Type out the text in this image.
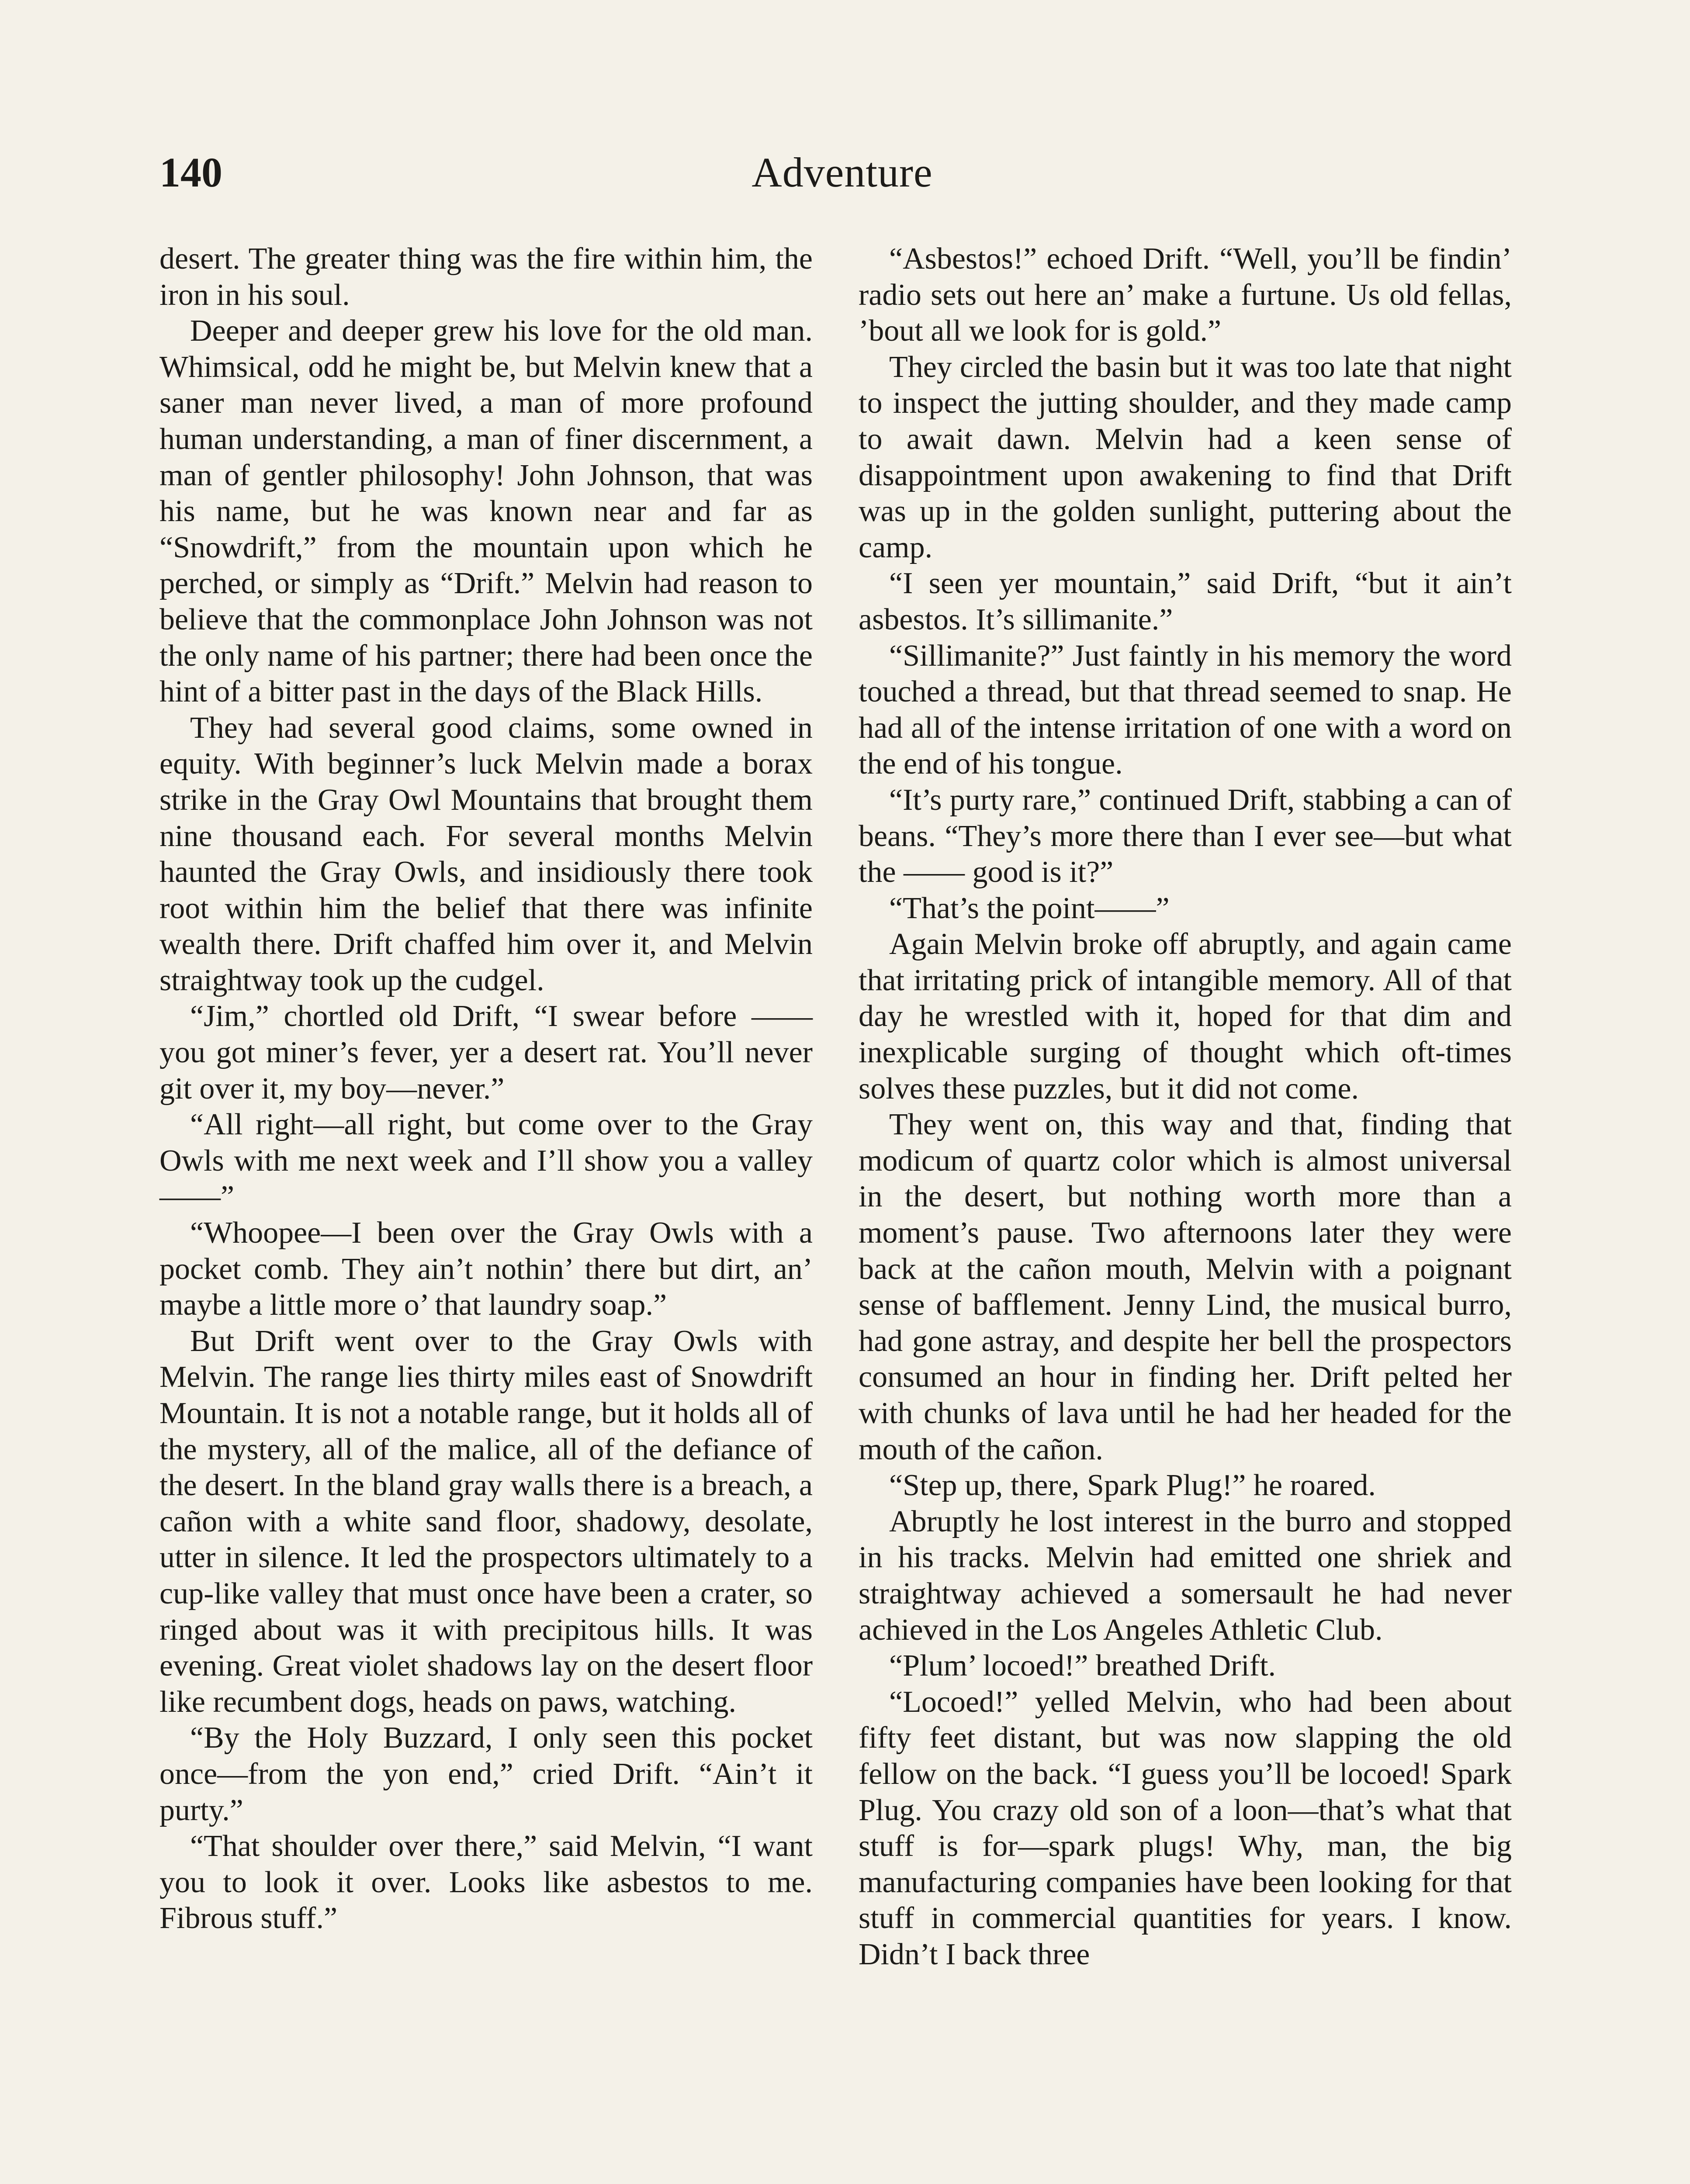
140	Adventure

desert. The greater thing was the fire within him, the iron in his soul.

Deeper and deeper grew his love for the old man. Whimsical, odd he might be, but Melvin knew that a saner man never lived, a man of more profound human understanding, a man of finer discernment, a man of gentler philosophy! John Johnson, that was his name, but he was known near and far as “Snowdrift,” from the mountain upon which he perched, or simply as “Drift.” Melvin had reason to believe that the commonplace John Johnson was not the only name of his partner; there had been once the hint of a bitter past in the days of the Black Hills.

They had several good claims, some owned in equity. With beginner’s luck Melvin made a borax strike in the Gray Owl Mountains that brought them nine thousand each. For several months Melvin haunted the Gray Owls, and insidiously there took root within him the belief that there was infinite wealth there. Drift chaffed him over it, and Melvin straightway took up the cudgel.

“Jim,” chortled old Drift, “I swear before —— you got miner’s fever, yer a desert rat. You’ll never git over it, my boy—never.”

“All right—all right, but come over to the Gray Owls with me next week and I’ll show you a valley——”

“Whoopee—I been over the Gray Owls with a pocket comb. They ain’t nothin’ there but dirt, an’ maybe a little more o’ that laundry soap.”

But Drift went over to the Gray Owls with Melvin. The range lies thirty miles east of Snowdrift Mountain. It is not a notable range, but it holds all of the mystery, all of the malice, all of the defiance of the desert. In the bland gray walls there is a breach, a cañon with a white sand floor, shadowy, desolate, utter in silence. It led the prospectors ultimately to a cup-like valley that must once have been a crater, so ringed about was it with precipitous hills. It was evening. Great violet shadows lay on the desert floor like recumbent dogs, heads on paws, watching.

“By the Holy Buzzard, I only seen this pocket once—from the yon end,” cried Drift. “Ain’t it purty.”

“That shoulder over there,” said Melvin, “I want you to look it over. Looks like asbestos to me. Fibrous stuff.”

“Asbestos!” echoed Drift. “Well, you’ll be findin’ radio sets out here an’ make a furtune. Us old fellas, ’bout all we look for is gold.”

They circled the basin but it was too late that night to inspect the jutting shoulder, and they made camp to await dawn. Melvin had a keen sense of disappointment upon awakening to find that Drift was up in the golden sunlight, puttering about the camp.

“I seen yer mountain,” said Drift, “but it ain’t asbestos. It’s sillimanite.”

“Sillimanite?” Just faintly in his memory the word touched a thread, but that thread seemed to snap. He had all of the intense irritation of one with a word on the end of his tongue.

“It’s purty rare,” continued Drift, stabbing a can of beans. “They’s more there than I ever see—but what the —— good is it?”

“That’s the point——”

Again Melvin broke off abruptly, and again came that irritating prick of intangible memory. All of that day he wrestled with it, hoped for that dim and inexplicable surging of thought which oft-times solves these puzzles, but it did not come.

They went on, this way and that, finding that modicum of quartz color which is almost universal in the desert, but nothing worth more than a moment’s pause. Two afternoons later they were back at the cañon mouth, Melvin with a poignant sense of bafflement. Jenny Lind, the musical burro, had gone astray, and despite her bell the prospectors consumed an hour in finding her. Drift pelted her with chunks of lava until he had her headed for the mouth of the cañon.

“Step up, there, Spark Plug!” he roared.

Abruptly he lost interest in the burro and stopped in his tracks. Melvin had emitted one shriek and straightway achieved a somersault he had never achieved in the Los Angeles Athletic Club.

“Plum’ locoed!” breathed Drift.

“Locoed!” yelled Melvin, who had been about fifty feet distant, but was now slapping the old fellow on the back. “I guess you’ll be locoed! Spark Plug. You crazy old son of a loon—that’s what that stuff is for—spark plugs! Why, man, the big manufacturing companies have been looking for that stuff in commercial quantities for years. I know. Didn’t I back three
